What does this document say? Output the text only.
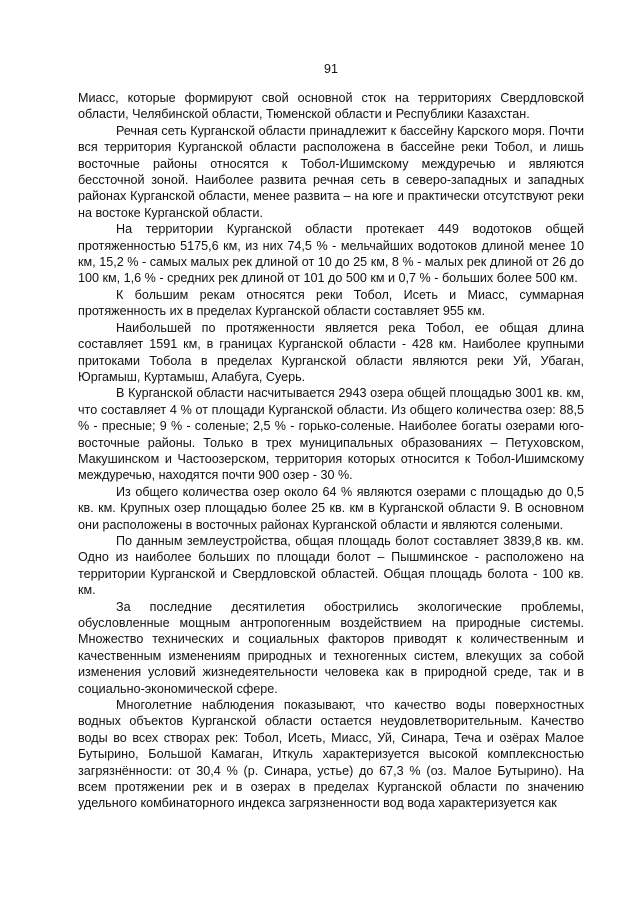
91

Миасс, которые формируют свой основной сток на территориях Свердловской области, Челябинской области, Тюменской области и Республики Казахстан.

Речная сеть Курганской области принадлежит к бассейну Карского моря. Почти вся территория Курганской области расположена в бассейне реки Тобол, и лишь восточные районы относятся к Тобол-Ишимскому междуречью и являются бессточной зоной. Наиболее развита речная сеть в северо-западных и западных районах Курганской области, менее развита – на юге и практически отсутствуют реки на востоке Курганской области.

На территории Курганской области протекает 449 водотоков общей протяженностью 5175,6 км, из них 74,5 % - мельчайших водотоков длиной менее 10 км, 15,2 % - самых малых рек длиной от 10 до 25 км, 8 % - малых рек длиной от 26 до 100 км, 1,6 % - средних рек длиной от 101 до 500 км и 0,7 % - больших более 500 км.

К большим рекам относятся реки Тобол, Исеть и Миасс, суммарная протяженность их в пределах Курганской области составляет 955 км.

Наибольшей по протяженности является река Тобол, ее общая длина составляет 1591 км, в границах Курганской области - 428 км. Наиболее крупными притоками Тобола в пределах Курганской области являются реки Уй, Убаган, Юргамыш, Куртамыш, Алабуга, Суерь.

В Курганской области насчитывается 2943 озера общей площадью 3001 кв. км, что составляет 4 % от площади Курганской области. Из общего количества озер: 88,5 % - пресные; 9 % - соленые; 2,5 % - горько-соленые. Наиболее богаты озерами юго-восточные районы. Только в трех муниципальных образованиях – Петуховском, Макушинском и Частоозерском, территория которых относится к Тобол-Ишимскому междуречью, находятся почти 900 озер - 30 %.

Из общего количества озер около 64 % являются озерами с площадью до 0,5 кв. км. Крупных озер площадью более 25 кв. км в Курганской области 9. В основном они расположены в восточных районах Курганской области и являются солеными.

По данным землеустройства, общая площадь болот составляет 3839,8 кв. км. Одно из наиболее больших по площади болот – Пышминское - расположено на территории Курганской и Свердловской областей. Общая площадь болота - 100 кв. км.

За последние десятилетия обострились экологические проблемы, обусловленные мощным антропогенным воздействием на природные системы. Множество технических и социальных факторов приводят к количественным и качественным изменениям природных и техногенных систем, влекущих за собой изменения условий жизнедеятельности человека как в природной среде, так и в социально-экономической сфере.

Многолетние наблюдения показывают, что качество воды поверхностных водных объектов Курганской области остается неудовлетворительным. Качество воды во всех створах рек: Тобол, Исеть, Миасс, Уй, Синара, Теча и озёрах Малое Бутырино, Большой Камаган, Иткуль характеризуется высокой комплексностью загрязнённости: от 30,4 % (р. Синара, устье) до 67,3 % (оз. Малое Бутырино). На всем протяжении рек и в озерах в пределах Курганской области по значению удельного комбинаторного индекса загрязненности вод вода характеризуется как
